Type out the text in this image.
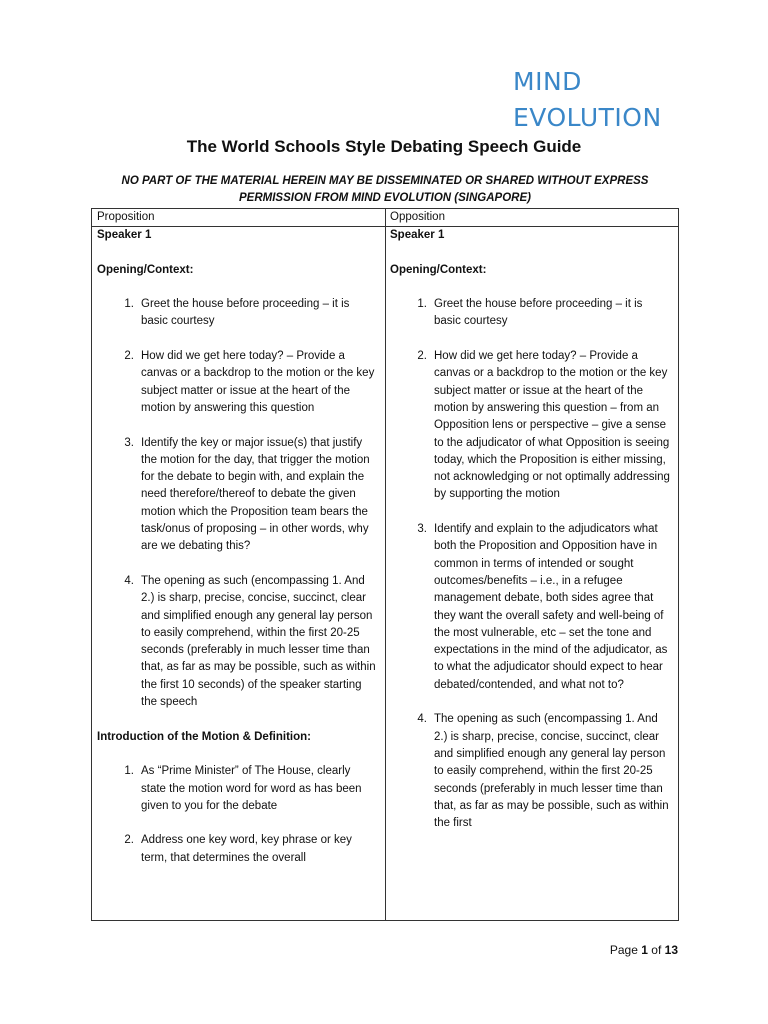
MIND
EVOLUTION
The World Schools Style Debating Speech Guide
NO PART OF THE MATERIAL HEREIN MAY BE DISSEMINATED OR SHARED WITHOUT EXPRESS PERMISSION FROM MIND EVOLUTION (SINGAPORE)
Proposition	Opposition
Speaker 1
Opening/Context:
1. Greet the house before proceeding – it is basic courtesy
2. How did we get here today? – Provide a canvas or a backdrop to the motion or the key subject matter or issue at the heart of the motion by answering this question
3. Identify the key or major issue(s) that justify the motion for the day, that trigger the motion for the debate to begin with, and explain the need therefore/thereof to debate the given motion which the Proposition team bears the task/onus of proposing – in other words, why are we debating this?
4. The opening as such (encompassing 1. And 2.) is sharp, precise, concise, succinct, clear and simplified enough any general lay person to easily comprehend, within the first 20-25 seconds (preferably in much lesser time than that, as far as may be possible, such as within the first 10 seconds) of the speaker starting the speech
Introduction of the Motion & Definition:
1. As “Prime Minister” of The House, clearly state the motion word for word as has been given to you for the debate
2. Address one key word, key phrase or key term, that determines the overall
Speaker 1
Opening/Context:
1. Greet the house before proceeding – it is basic courtesy
2. How did we get here today? – Provide a canvas or a backdrop to the motion or the key subject matter or issue at the heart of the motion by answering this question – from an Opposition lens or perspective – give a sense to the adjudicator of what Opposition is seeing today, which the Proposition is either missing, not acknowledging or not optimally addressing by supporting the motion
3. Identify and explain to the adjudicators what both the Proposition and Opposition have in common in terms of intended or sought outcomes/benefits – i.e., in a refugee management debate, both sides agree that they want the overall safety and well-being of the most vulnerable, etc – set the tone and expectations in the mind of the adjudicator, as to what the adjudicator should expect to hear debated/contended, and what not to?
4. The opening as such (encompassing 1. And 2.) is sharp, precise, concise, succinct, clear and simplified enough any general lay person to easily comprehend, within the first 20-25 seconds (preferably in much lesser time than that, as far as may be possible, such as within the first
Page 1 of 13
